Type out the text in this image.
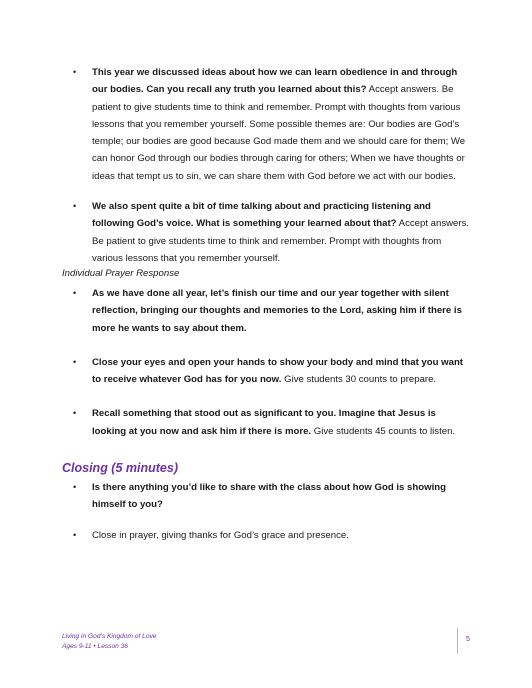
• This year we discussed ideas about how we can learn obedience in and through our bodies. Can you recall any truth you learned about this? Accept answers. Be patient to give students time to think and remember. Prompt with thoughts from various lessons that you remember yourself. Some possible themes are: Our bodies are God’s temple; our bodies are good because God made them and we should care for them; We can honor God through our bodies through caring for others; When we have thoughts or ideas that tempt us to sin, we can share them with God before we act with our bodies.
• We also spent quite a bit of time talking about and practicing listening and following God’s voice. What is something your learned about that? Accept answers. Be patient to give students time to think and remember. Prompt with thoughts from various lessons that you remember yourself.
Individual Prayer Response
• As we have done all year, let’s finish our time and our year together with silent reflection, bringing our thoughts and memories to the Lord, asking him if there is more he wants to say about them.
• Close your eyes and open your hands to show your body and mind that you want to receive whatever God has for you now. Give students 30 counts to prepare.
• Recall something that stood out as significant to you. Imagine that Jesus is looking at you now and ask him if there is more. Give students 45 counts to listen.
Closing (5 minutes)
• Is there anything you’d like to share with the class about how God is showing himself to you?
• Close in prayer, giving thanks for God’s grace and presence.
Living in God’s Kingdom of Love
Ages 9-11 • Lesson 36
5
